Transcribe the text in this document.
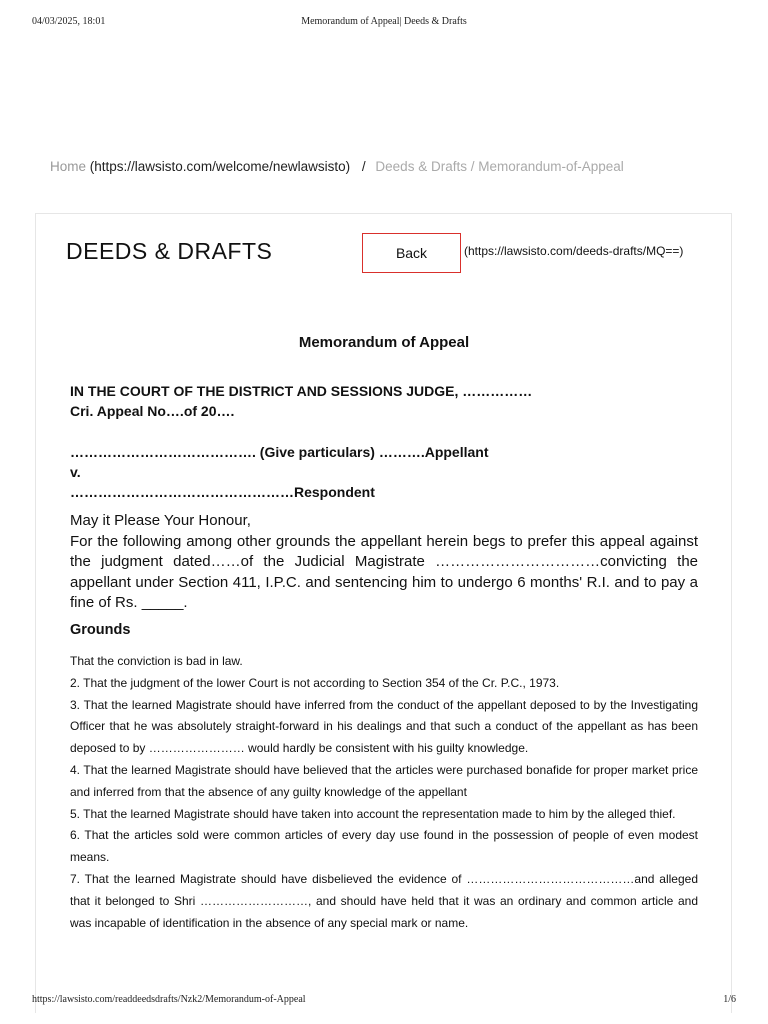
04/03/2025, 18:01	Memorandum of Appeal| Deeds & Drafts
Home (https://lawsisto.com/welcome/newlawsisto) / Deeds & Drafts / Memorandum-of-Appeal
DEEDS & DRAFTS	Back	(https://lawsisto.com/deeds-drafts/MQ==)
Memorandum of Appeal
IN THE COURT OF THE DISTRICT AND SESSIONS JUDGE, ……………
Cri. Appeal No….of 20….
…………………………………. (Give particulars) ……….Appellant
v.
…………………………………………Respondent
May it Please Your Honour,
For the following among other grounds the appellant herein begs to prefer this appeal against the judgment dated……of the Judicial Magistrate ……………………………convicting the appellant under Section 411, I.P.C. and sentencing him to undergo 6 months' R.I. and to pay a fine of Rs. _____.
Grounds

That the conviction is bad in law.

2. That the judgment of the lower Court is not according to Section 354 of the Cr. P.C., 1973.

3. That the learned Magistrate should have inferred from the conduct of the appellant deposed to by the Investigating Officer that he was absolutely straight-forward in his dealings and that such a conduct of the appellant as has been deposed to by …………………… would hardly be consistent with his guilty knowledge.

4. That the learned Magistrate should have believed that the articles were purchased bonafide for proper market price and inferred from that the absence of any guilty knowledge of the appellant

5. That the learned Magistrate should have taken into account the representation made to him by the alleged thief.

6. That the articles sold were common articles of every day use found in the possession of people of even modest means.

7. That the learned Magistrate should have disbelieved the evidence of ……………………………………and alleged that it belonged to Shri ………………………, and should have held that it was an ordinary and common article and was incapable of identification in the absence of any special mark or name.

https://lawsisto.com/readdeedsdrafts/Nzk2/Memorandum-of-Appeal	1/6
